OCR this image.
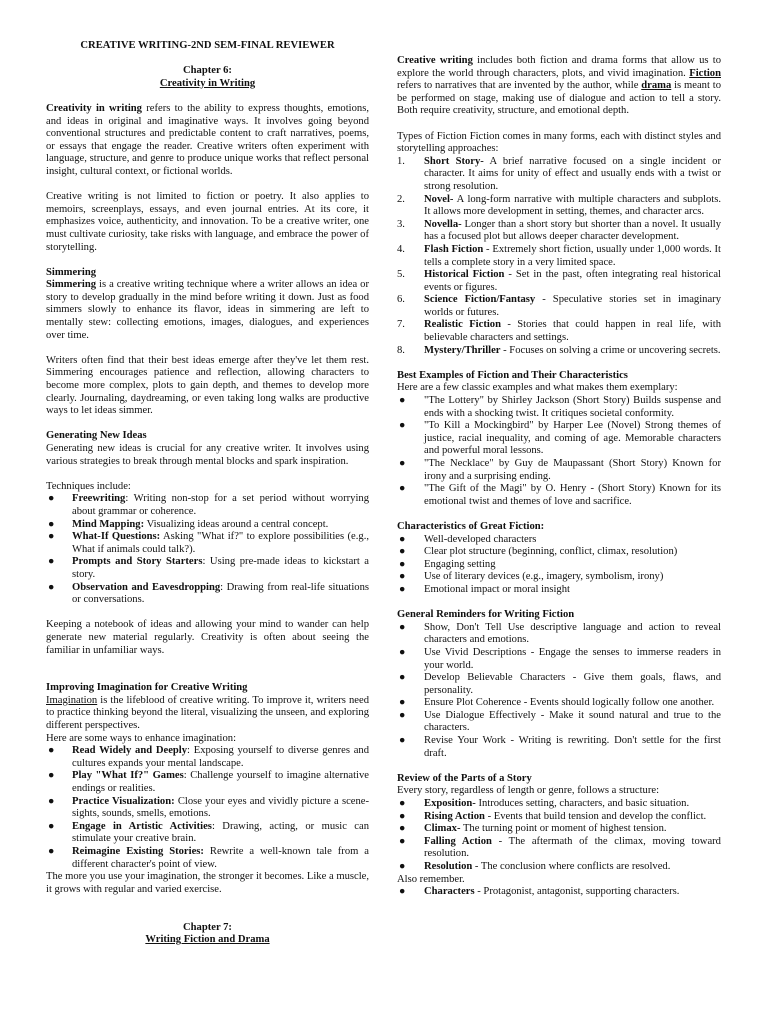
CREATIVE WRITING-2ND SEM-FINAL REVIEWER

Chapter 6:

Creativity in Writing

Creativity in writing refers to the ability to express thoughts, emotions, and ideas in original and imaginative ways. It involves going beyond conventional structures and predictable content to craft narratives, poems, or essays that engage the reader. Creative writers often experiment with language, structure, and genre to produce unique works that reflect personal insight, cultural context, or fictional worlds.

Creative writing is not limited to fiction or poetry. It also applies to memoirs, screenplays, essays, and even journal entries. At its core, it emphasizes voice, authenticity, and innovation. To be a creative writer, one must cultivate curiosity, take risks with language, and embrace the power of storytelling.

Simmering

Simmering is a creative writing technique where a writer allows an idea or story to develop gradually in the mind before writing it down. Just as food simmers slowly to enhance its flavor, ideas in simmering are left to mentally stew: collecting emotions, images, dialogues, and experiences over time.

Writers often find that their best ideas emerge after they've let them rest. Simmering encourages patience and reflection, allowing characters to become more complex, plots to gain depth, and themes to develop more clearly. Journaling, daydreaming, or even taking long walks are productive ways to let ideas simmer.

Generating New Ideas

Generating new ideas is crucial for any creative writer. It involves using various strategies to break through mental blocks and spark inspiration.

Techniques include:

● Freewriting: Writing non-stop for a set period without worrying about grammar or coherence.
● Mind Mapping: Visualizing ideas around a central concept.
● What-If Questions: Asking "What if?" to explore possibilities (e.g., What if animals could talk?).
● Prompts and Story Starters: Using pre-made ideas to kickstart a story.
● Observation and Eavesdropping: Drawing from real-life situations or conversations.

Keeping a notebook of ideas and allowing your mind to wander can help generate new material regularly. Creativity is often about seeing the familiar in unfamiliar ways.

Improving Imagination for Creative Writing

Imagination is the lifeblood of creative writing. To improve it, writers need to practice thinking beyond the literal, visualizing the unseen, and exploring different perspectives.

Here are some ways to enhance imagination:

● Read Widely and Deeply: Exposing yourself to diverse genres and cultures expands your mental landscape.
● Play "What If?" Games: Challenge yourself to imagine alternative endings or realities.
● Practice Visualization: Close your eyes and vividly picture a scene-sights, sounds, smells, emotions.
● Engage in Artistic Activities: Drawing, acting, or music can stimulate your creative brain.
● Reimagine Existing Stories: Rewrite a well-known tale from a different character's point of view.

The more you use your imagination, the stronger it becomes. Like a muscle, it grows with regular and varied exercise.

Chapter 7:

Writing Fiction and Drama

Creative writing includes both fiction and drama forms that allow us to explore the world through characters, plots, and vivid imagination. Fiction refers to narratives that are invented by the author, while drama is meant to be performed on stage, making use of dialogue and action to tell a story. Both require creativity, structure, and emotional depth.

Types of Fiction Fiction comes in many forms, each with distinct styles and storytelling approaches:

1. Short Story- A brief narrative focused on a single incident or character. It aims for unity of effect and usually ends with a twist or strong resolution.
2. Novel- A long-form narrative with multiple characters and subplots. It allows more development in setting, themes, and character arcs.
3. Novella- Longer than a short story but shorter than a novel. It usually has a focused plot but allows deeper character development.
4. Flash Fiction - Extremely short fiction, usually under 1,000 words. It tells a complete story in a very limited space.
5. Historical Fiction - Set in the past, often integrating real historical events or figures.
6. Science Fiction/Fantasy - Speculative stories set in imaginary worlds or futures.
7. Realistic Fiction - Stories that could happen in real life, with believable characters and settings.
8. Mystery/Thriller - Focuses on solving a crime or uncovering secrets.

Best Examples of Fiction and Their Characteristics

Here are a few classic examples and what makes them exemplary:

● "The Lottery" by Shirley Jackson (Short Story) Builds suspense and ends with a shocking twist. It critiques societal conformity.
● "To Kill a Mockingbird" by Harper Lee (Novel) Strong themes of justice, racial inequality, and coming of age. Memorable characters and powerful moral lessons.
● "The Necklace" by Guy de Maupassant (Short Story) Known for irony and a surprising ending.
● "The Gift of the Magi" by O. Henry - (Short Story) Known for its emotional twist and themes of love and sacrifice.

Characteristics of Great Fiction:

● Well-developed characters
● Clear plot structure (beginning, conflict, climax, resolution)
● Engaging setting
● Use of literary devices (e.g., imagery, symbolism, irony)
● Emotional impact or moral insight

General Reminders for Writing Fiction

● Show, Don't Tell Use descriptive language and action to reveal characters and emotions.
● Use Vivid Descriptions - Engage the senses to immerse readers in your world.
● Develop Believable Characters - Give them goals, flaws, and personality.
● Ensure Plot Coherence - Events should logically follow one another.
● Use Dialogue Effectively - Make it sound natural and true to the characters.
● Revise Your Work - Writing is rewriting. Don't settle for the first draft.

Review of the Parts of a Story

Every story, regardless of length or genre, follows a structure:

● Exposition- Introduces setting, characters, and basic situation.
● Rising Action - Events that build tension and develop the conflict.
● Climax- The turning point or moment of highest tension.
● Falling Action - The aftermath of the climax, moving toward resolution.
● Resolution - The conclusion where conflicts are resolved.

Also remember.

● Characters - Protagonist, antagonist, supporting characters.
